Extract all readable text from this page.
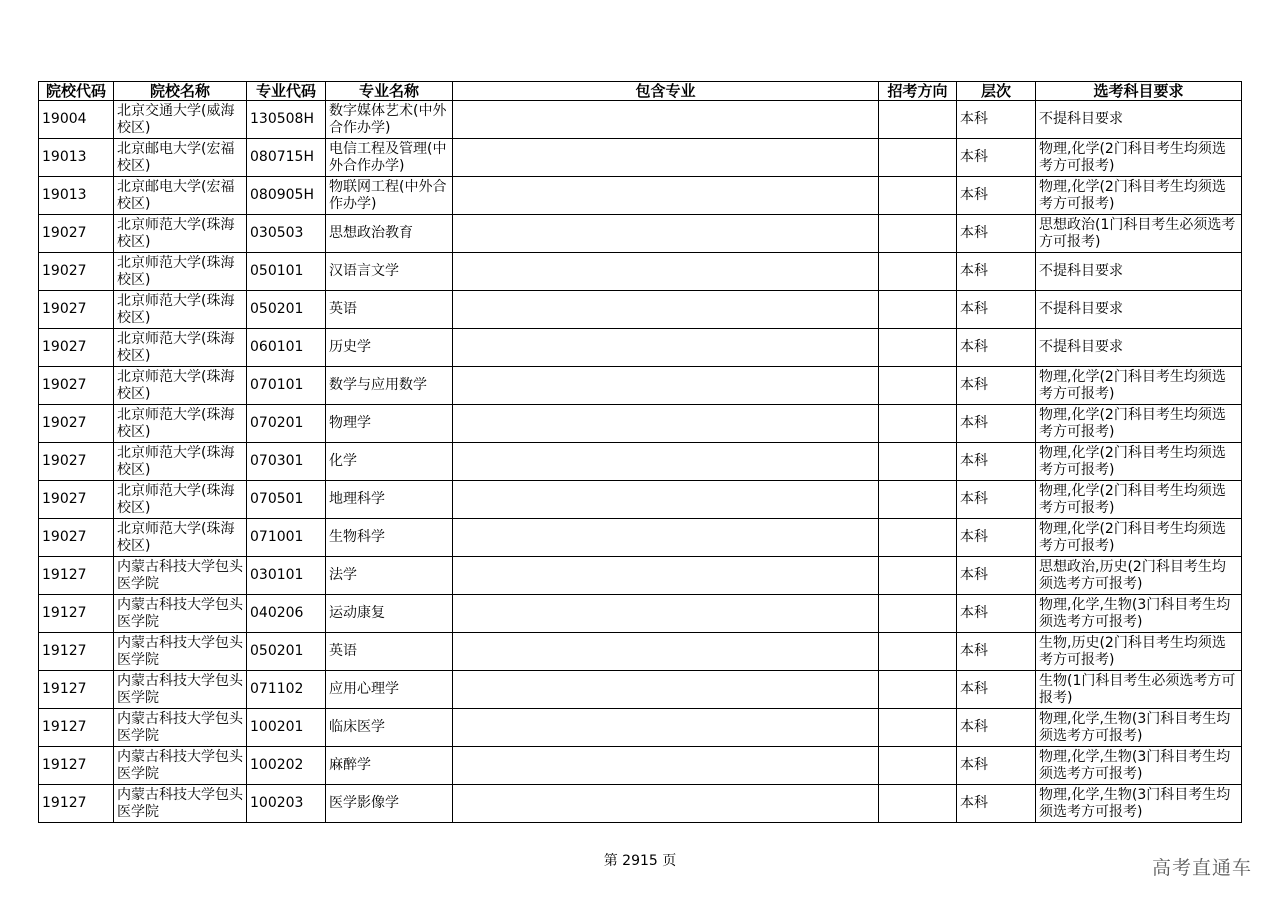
院校代码	院校名称	专业代码	专业名称	包含专业	招考方向	层次	选考科目要求
19004	北京交通大学(威海校区)	130508H	数字媒体艺术(中外合作办学)			本科	不提科目要求
19013	北京邮电大学(宏福校区)	080715H	电信工程及管理(中外合作办学)			本科	物理,化学(2门科目考生均须选考方可报考)
19013	北京邮电大学(宏福校区)	080905H	物联网工程(中外合作办学)			本科	物理,化学(2门科目考生均须选考方可报考)
19027	北京师范大学(珠海校区)	030503	思想政治教育			本科	思想政治(1门科目考生必须选考方可报考)
19027	北京师范大学(珠海校区)	050101	汉语言文学			本科	不提科目要求
19027	北京师范大学(珠海校区)	050201	英语			本科	不提科目要求
19027	北京师范大学(珠海校区)	060101	历史学			本科	不提科目要求
19027	北京师范大学(珠海校区)	070101	数学与应用数学			本科	物理,化学(2门科目考生均须选考方可报考)
19027	北京师范大学(珠海校区)	070201	物理学			本科	物理,化学(2门科目考生均须选考方可报考)
19027	北京师范大学(珠海校区)	070301	化学			本科	物理,化学(2门科目考生均须选考方可报考)
19027	北京师范大学(珠海校区)	070501	地理科学			本科	物理,化学(2门科目考生均须选考方可报考)
19027	北京师范大学(珠海校区)	071001	生物科学			本科	物理,化学(2门科目考生均须选考方可报考)
19127	内蒙古科技大学包头医学院	030101	法学			本科	思想政治,历史(2门科目考生均须选考方可报考)
19127	内蒙古科技大学包头医学院	040206	运动康复			本科	物理,化学,生物(3门科目考生均须选考方可报考)
19127	内蒙古科技大学包头医学院	050201	英语			本科	生物,历史(2门科目考生均须选考方可报考)
19127	内蒙古科技大学包头医学院	071102	应用心理学			本科	生物(1门科目考生必须选考方可报考)
19127	内蒙古科技大学包头医学院	100201	临床医学			本科	物理,化学,生物(3门科目考生均须选考方可报考)
19127	内蒙古科技大学包头医学院	100202	麻醉学			本科	物理,化学,生物(3门科目考生均须选考方可报考)
19127	内蒙古科技大学包头医学院	100203	医学影像学			本科	物理,化学,生物(3门科目考生均须选考方可报考)
第 2915 页	高考直通车
